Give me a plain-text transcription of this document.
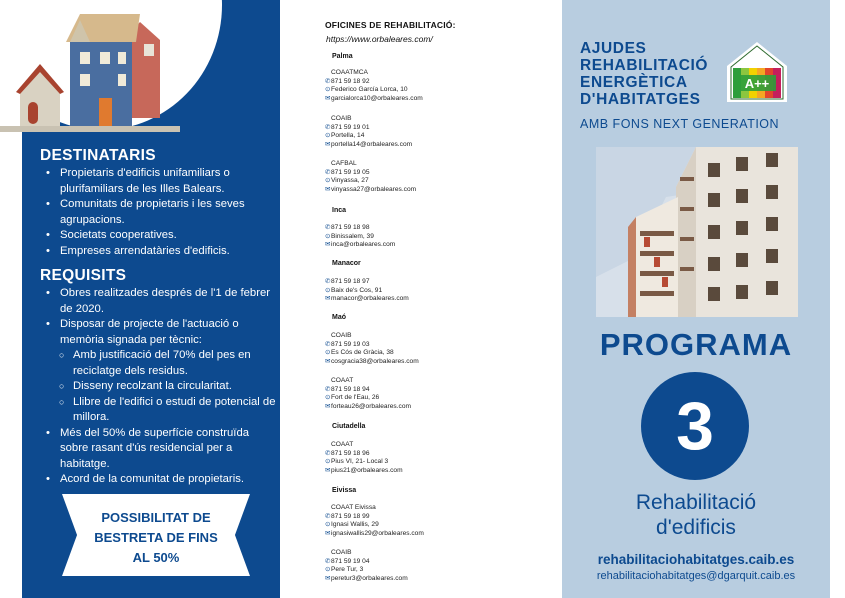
DESTINATARIS
• Propietaris d'edificis unifamiliars o plurifamiliars de les Illes Balears.
• Comunitats de propietaris i les seves agrupacions.
• Societats cooperatives.
• Empreses arrendatàries d'edificis.
REQUISITS
• Obres realitzades després de l'1 de febrer de 2020.
• Disposar de projecte de l'actuació o memòria signada per tècnic:
○ Amb justificació del 70% del pes en reciclatge dels residus.
○ Disseny recolzant la circularitat.
○ Llibre de l'edifici o estudi de potencial de millora.
• Més del 50% de superfície construïda sobre rasant d'ús residencial per a habitatge.
• Acord de la comunitat de propietaris.
POSSIBILITAT DE
BESTRETA DE FINS
AL 50%
OFICINES DE REHABILITACIÓ:
https://www.orbaleares.com/
Palma
COAATMCA
✆871 59 18 92
⊙Federico García Lorca, 10
✉garcialorca10@orbaleares.com
COAIB
✆871 59 19 01
⊙Portella, 14
✉portella14@orbaleares.com
CAFBAL
✆871 59 19 05
⊙Vinyassa, 27
✉vinyassa27@orbaleares.com
Inca
✆871 59 18 98
⊙Binissalem, 39
✉inca@orbaleares.com
Manacor
✆871 59 18 97
⊙Baix de's Cos, 91
✉manacor@orbaleares.com
Maó
COAIB
✆871 59 19 03
⊙Es Cós de Gràcia, 38
✉cosgracia38@orbaleares.com
COAAT
✆871 59 18 94
⊙Fort de l'Eau, 26
✉forteau26@orbaleares.com
Ciutadella
COAAT
✆871 59 18 96
⊙Pius VI, 21- Local 3
✉pius21@orbaleares.com
Eivissa
COAAT Eivissa
✆871 59 18 99
⊙Ignasi Wallis, 29
✉ignasiwallis29@orbaleares.com
COAIB
✆871 59 19 04
⊙Pere Tur, 3
✉peretur3@orbaleares.com
AJUDES
REHABILITACIÓ
ENERGÈTICA
D'HABITATGES
AMB FONS NEXT GENERATION
A++
PROGRAMA
3
Rehabilitació
d'edificis
rehabilitaciohabitatges.caib.es
rehabilitaciohabitatges@dgarquit.caib.es
